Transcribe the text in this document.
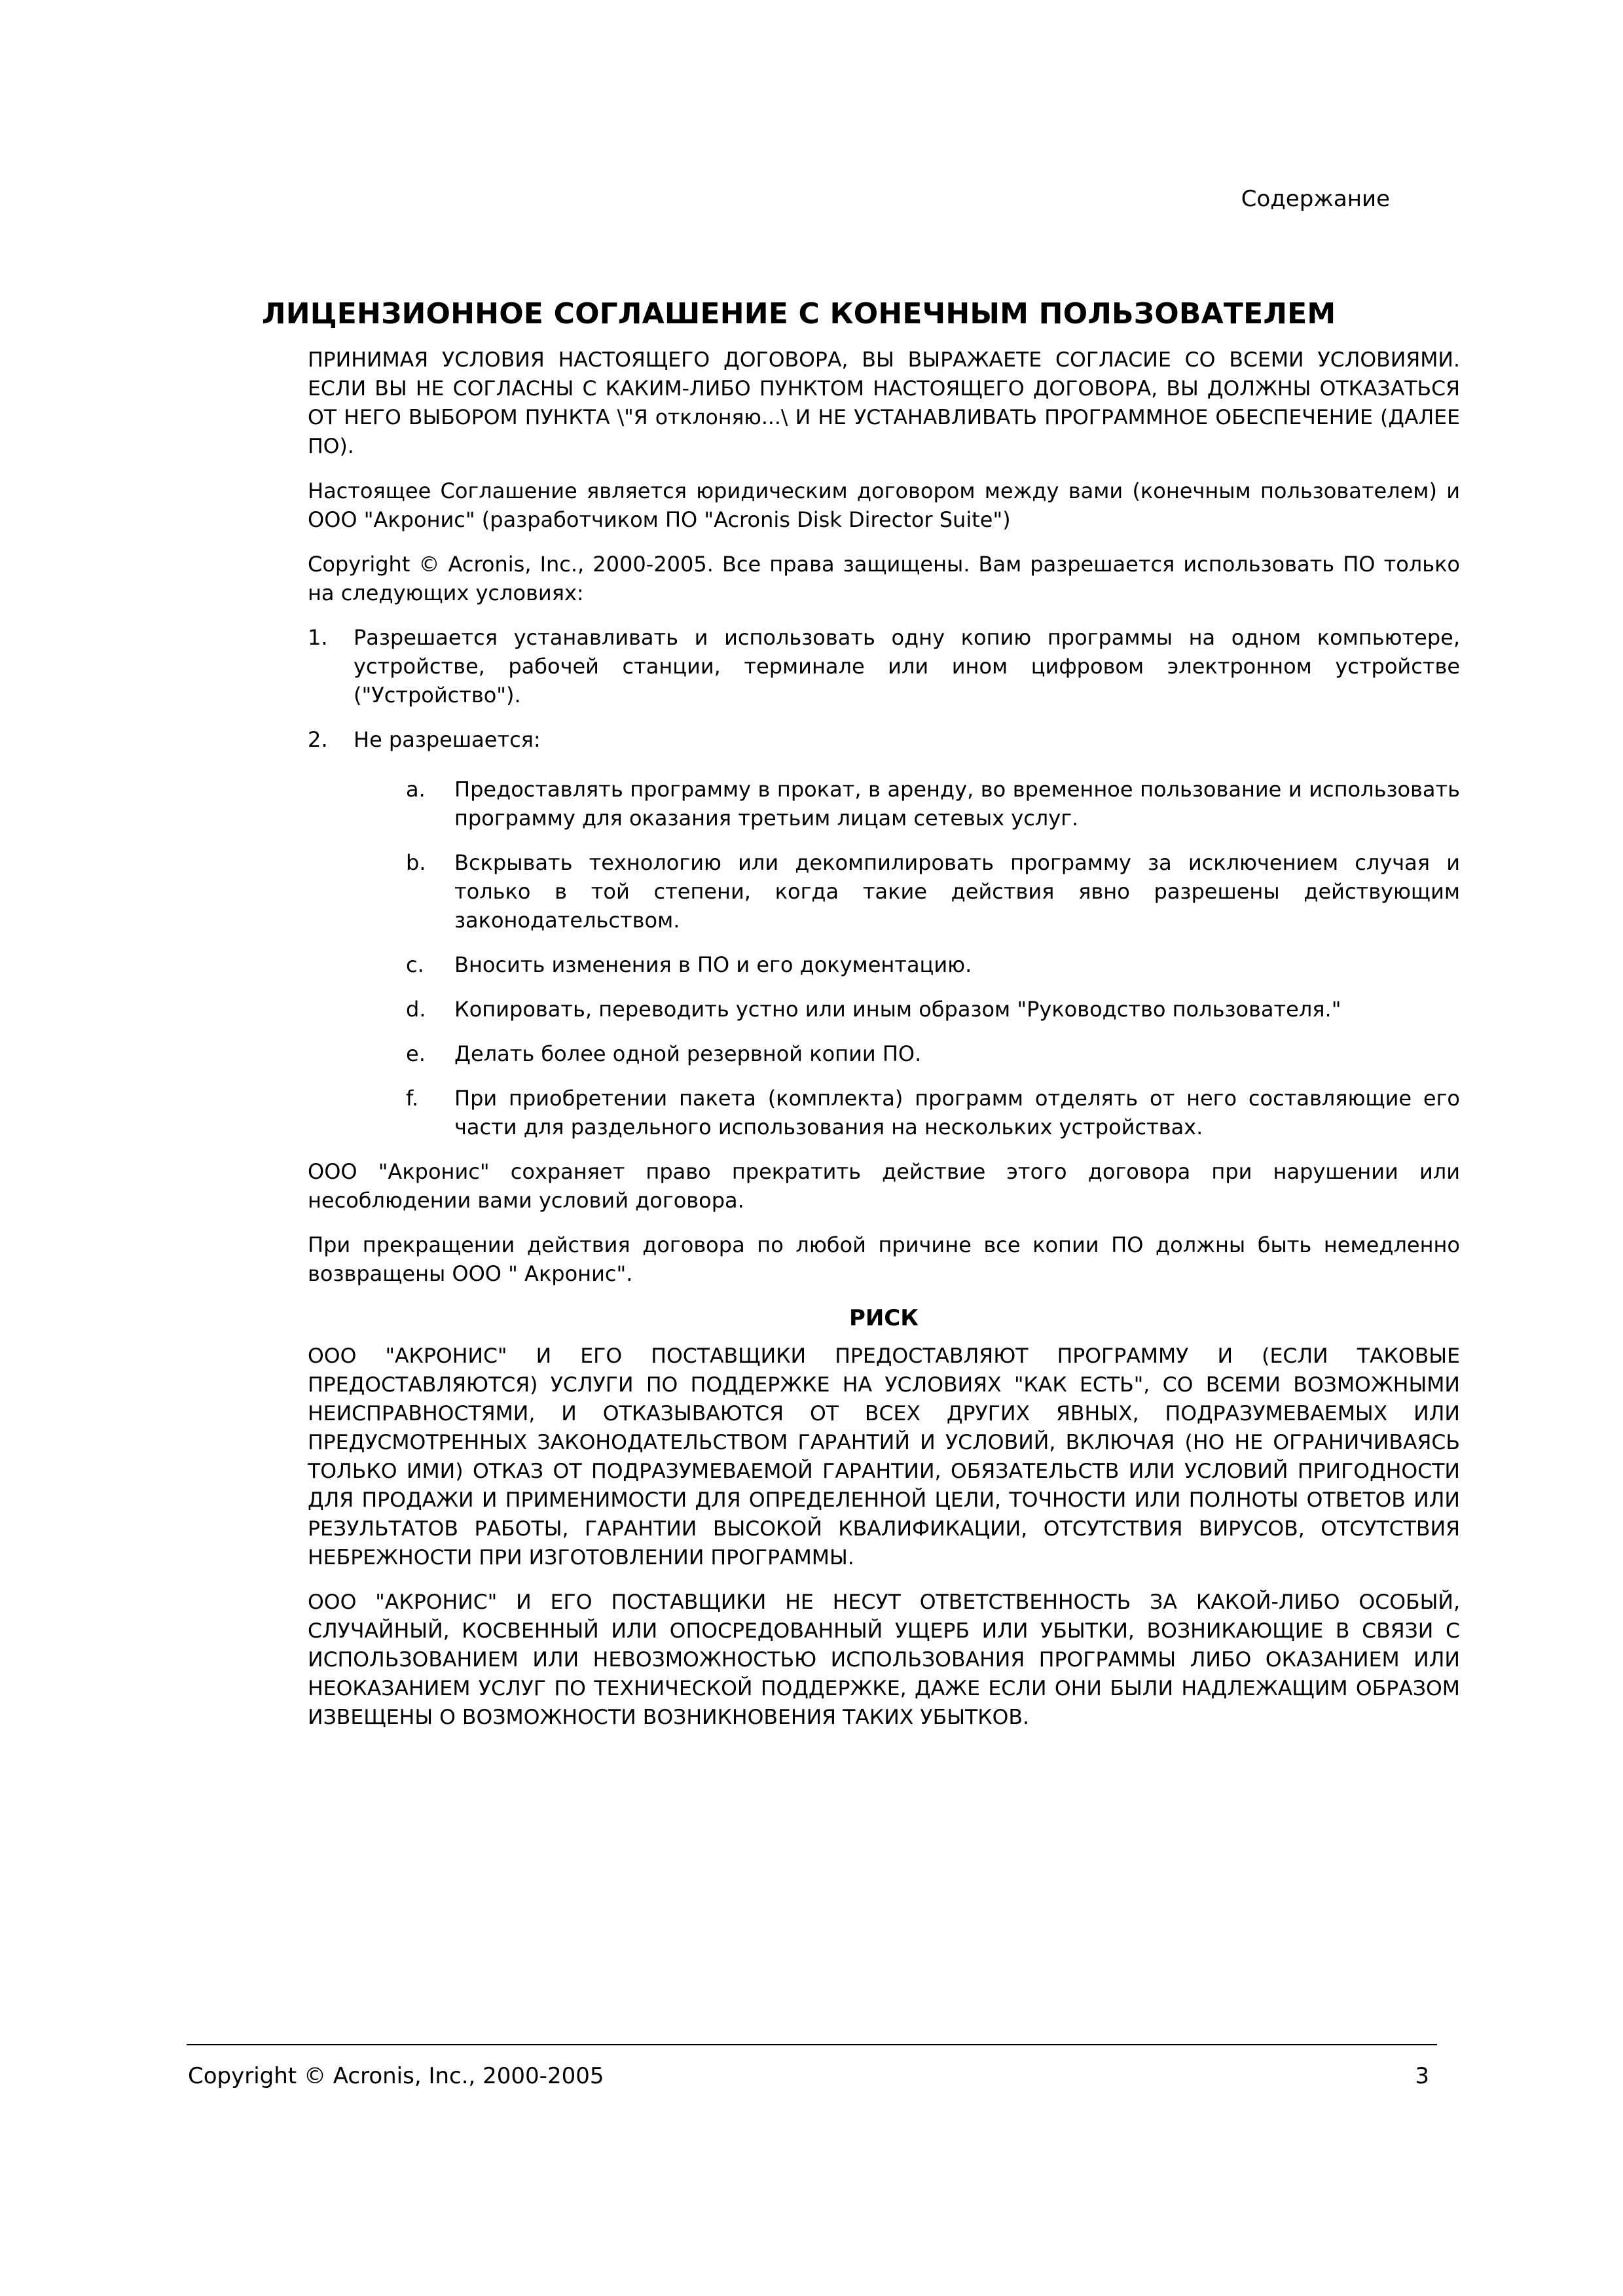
Содержание
ЛИЦЕНЗИОННОЕ СОГЛАШЕНИЕ С КОНЕЧНЫМ ПОЛЬЗОВАТЕЛЕМ

ПРИНИМАЯ УСЛОВИЯ НАСТОЯЩЕГО ДОГОВОРА, ВЫ ВЫРАЖАЕТЕ СОГЛАСИЕ СО ВСЕМИ УСЛОВИЯМИ. ЕСЛИ ВЫ НЕ СОГЛАСНЫ С КАКИМ-ЛИБО ПУНКТОМ НАСТОЯЩЕГО ДОГОВОРА, ВЫ ДОЛЖНЫ ОТКАЗАТЬСЯ ОТ НЕГО ВЫБОРОМ ПУНКТА \"Я отклоняю...\ И НЕ УСТАНАВЛИВАТЬ ПРОГРАММНОЕ ОБЕСПЕЧЕНИЕ (ДАЛЕЕ ПО).

Настоящее Соглашение является юридическим договором между вами (конечным пользователем) и ООО "Акронис" (разработчиком ПО "Acronis Disk Director Suite")

Copyright © Acronis, Inc., 2000-2005. Все права защищены. Вам разрешается использовать ПО только на следующих условиях:

1. Разрешается устанавливать и использовать одну копию программы на одном компьютере, устройстве, рабочей станции, терминале или ином цифровом электронном устройстве ("Устройство").
2. Не разрешается:
a. Предоставлять программу в прокат, в аренду, во временное пользование и использовать программу для оказания третьим лицам сетевых услуг.
b. Вскрывать технологию или декомпилировать программу за исключением случая и только в той степени, когда такие действия явно разрешены действующим законодательством.
c. Вносить изменения в ПО и его документацию.
d. Копировать, переводить устно или иным образом "Руководство пользователя."
e. Делать более одной резервной копии ПО.
f. При приобретении пакета (комплекта) программ отделять от него составляющие его части для раздельного использования на нескольких устройствах.

ООО "Акронис" сохраняет право прекратить действие этого договора при нарушении или несоблюдении вами условий договора.

При прекращении действия договора по любой причине все копии ПО должны быть немедленно возвращены ООО " Акронис".

РИСК

ООО "АКРОНИС" И ЕГО ПОСТАВЩИКИ ПРЕДОСТАВЛЯЮТ ПРОГРАММУ И (ЕСЛИ ТАКОВЫЕ ПРЕДОСТАВЛЯЮТСЯ) УСЛУГИ ПО ПОДДЕРЖКЕ НА УСЛОВИЯХ "КАК ЕСТЬ", СО ВСЕМИ ВОЗМОЖНЫМИ НЕИСПРАВНОСТЯМИ, И ОТКАЗЫВАЮТСЯ ОТ ВСЕХ ДРУГИХ ЯВНЫХ, ПОДРАЗУМЕВАЕМЫХ ИЛИ ПРЕДУСМОТРЕННЫХ ЗАКОНОДАТЕЛЬСТВОМ ГАРАНТИЙ И УСЛОВИЙ, ВКЛЮЧАЯ (НО НЕ ОГРАНИЧИВАЯСЬ ТОЛЬКО ИМИ) ОТКАЗ ОТ ПОДРАЗУМЕВАЕМОЙ ГАРАНТИИ, ОБЯЗАТЕЛЬСТВ ИЛИ УСЛОВИЙ ПРИГОДНОСТИ ДЛЯ ПРОДАЖИ И ПРИМЕНИМОСТИ ДЛЯ ОПРЕДЕЛЕННОЙ ЦЕЛИ, ТОЧНОСТИ ИЛИ ПОЛНОТЫ ОТВЕТОВ ИЛИ РЕЗУЛЬТАТОВ РАБОТЫ, ГАРАНТИИ ВЫСОКОЙ КВАЛИФИКАЦИИ, ОТСУТСТВИЯ ВИРУСОВ, ОТСУТСТВИЯ НЕБРЕЖНОСТИ ПРИ ИЗГОТОВЛЕНИИ ПРОГРАММЫ.

ООО "АКРОНИС" И ЕГО ПОСТАВЩИКИ НЕ НЕСУТ ОТВЕТСТВЕННОСТЬ ЗА КАКОЙ-ЛИБО ОСОБЫЙ, СЛУЧАЙНЫЙ, КОСВЕННЫЙ ИЛИ ОПОСРЕДОВАННЫЙ УЩЕРБ ИЛИ УБЫТКИ, ВОЗНИКАЮЩИЕ В СВЯЗИ С ИСПОЛЬЗОВАНИЕМ ИЛИ НЕВОЗМОЖНОСТЬЮ ИСПОЛЬЗОВАНИЯ ПРОГРАММЫ ЛИБО ОКАЗАНИЕМ ИЛИ НЕОКАЗАНИЕМ УСЛУГ ПО ТЕХНИЧЕСКОЙ ПОДДЕРЖКЕ, ДАЖЕ ЕСЛИ ОНИ БЫЛИ НАДЛЕЖАЩИМ ОБРАЗОМ ИЗВЕЩЕНЫ О ВОЗМОЖНОСТИ ВОЗНИКНОВЕНИЯ ТАКИХ УБЫТКОВ.

Copyright © Acronis, Inc., 2000-2005	3
